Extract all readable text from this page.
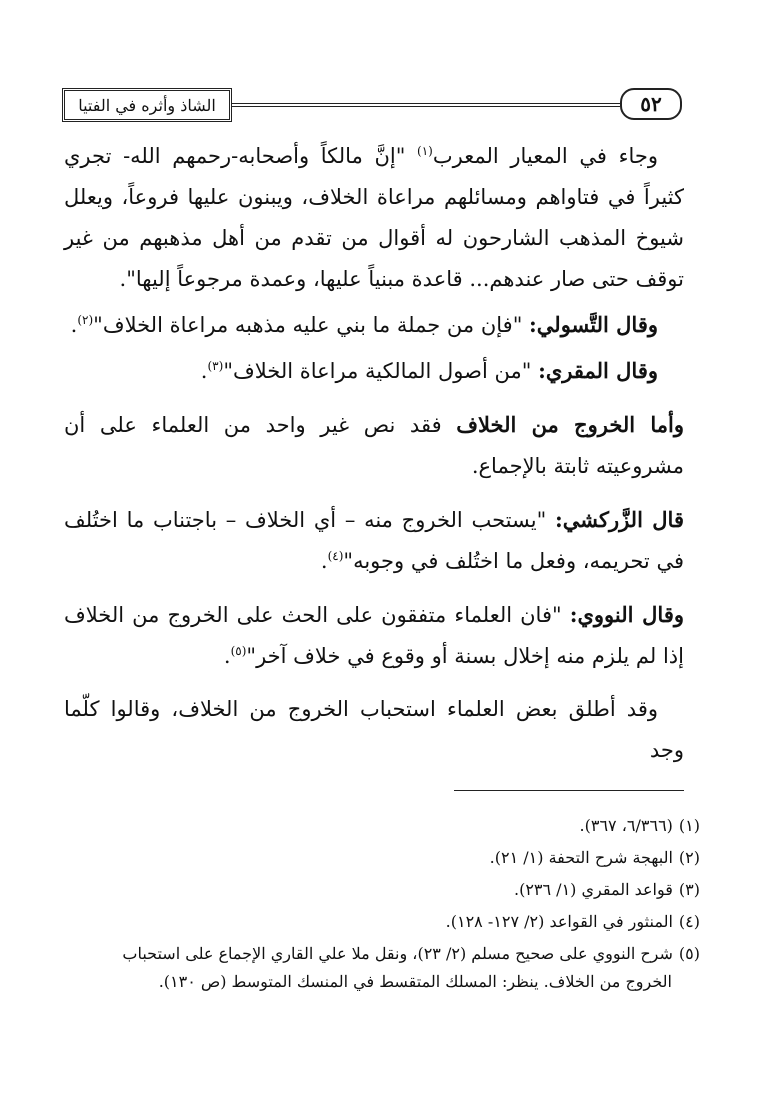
٥٢
الشاذ وأثره في الفتيا

وجاء في المعيار المعرب$^{(١)}$ "إنَّ مالكاً وأصحابه-رحمهم الله- تجري كثيراً في فتاواهم ومسائلهم مراعاة الخلاف، ويبنون عليها فروعاً، ويعلل شيوخ المذهب الشارحون له أقوال من تقدم من أهل مذهبهم من غير توقف حتى صار عندهم... قاعدة مبنياً عليها، وعمدة مرجوعاً إليها".

وقال التَّسولي: "فإن من جملة ما بني عليه مذهبه مراعاة الخلاف"$^{(٢)}$.

وقال المقري: "من أصول المالكية مراعاة الخلاف"$^{(٣)}$.

وأما الخروج من الخلاف فقد نص غير واحد من العلماء على أن مشروعيته ثابتة بالإجماع.

قال الزَّركشي: "يستحب الخروج منه – أي الخلاف – باجتناب ما اختُلف في تحريمه، وفعل ما اختُلف في وجوبه"$^{(٤)}$.

وقال النووي: "فان العلماء متفقون على الحث على الخروج من الخلاف إذا لم يلزم منه إخلال بسنة أو وقوع في خلاف آخر"$^{(٥)}$.

وقد أطلق بعض العلماء استحباب الخروج من الخلاف، وقالوا كلّما وجد

(١)(٦/٣٦٦، ٣٦٧).

(٢)البهجة شرح التحفة (١/ ٢١).

(٣)قواعد المقري (١/ ٢٣٦).

(٤)المنثور في القواعد (٢/ ١٢٧- ١٢٨).

(٥)شرح النووي على صحيح مسلم (٢/ ٢٣)، ونقل ملا علي القاري الإجماع على استحباب
الخروج من الخلاف. ينظر: المسلك المتقسط في المنسك المتوسط (ص ١٣٠).
